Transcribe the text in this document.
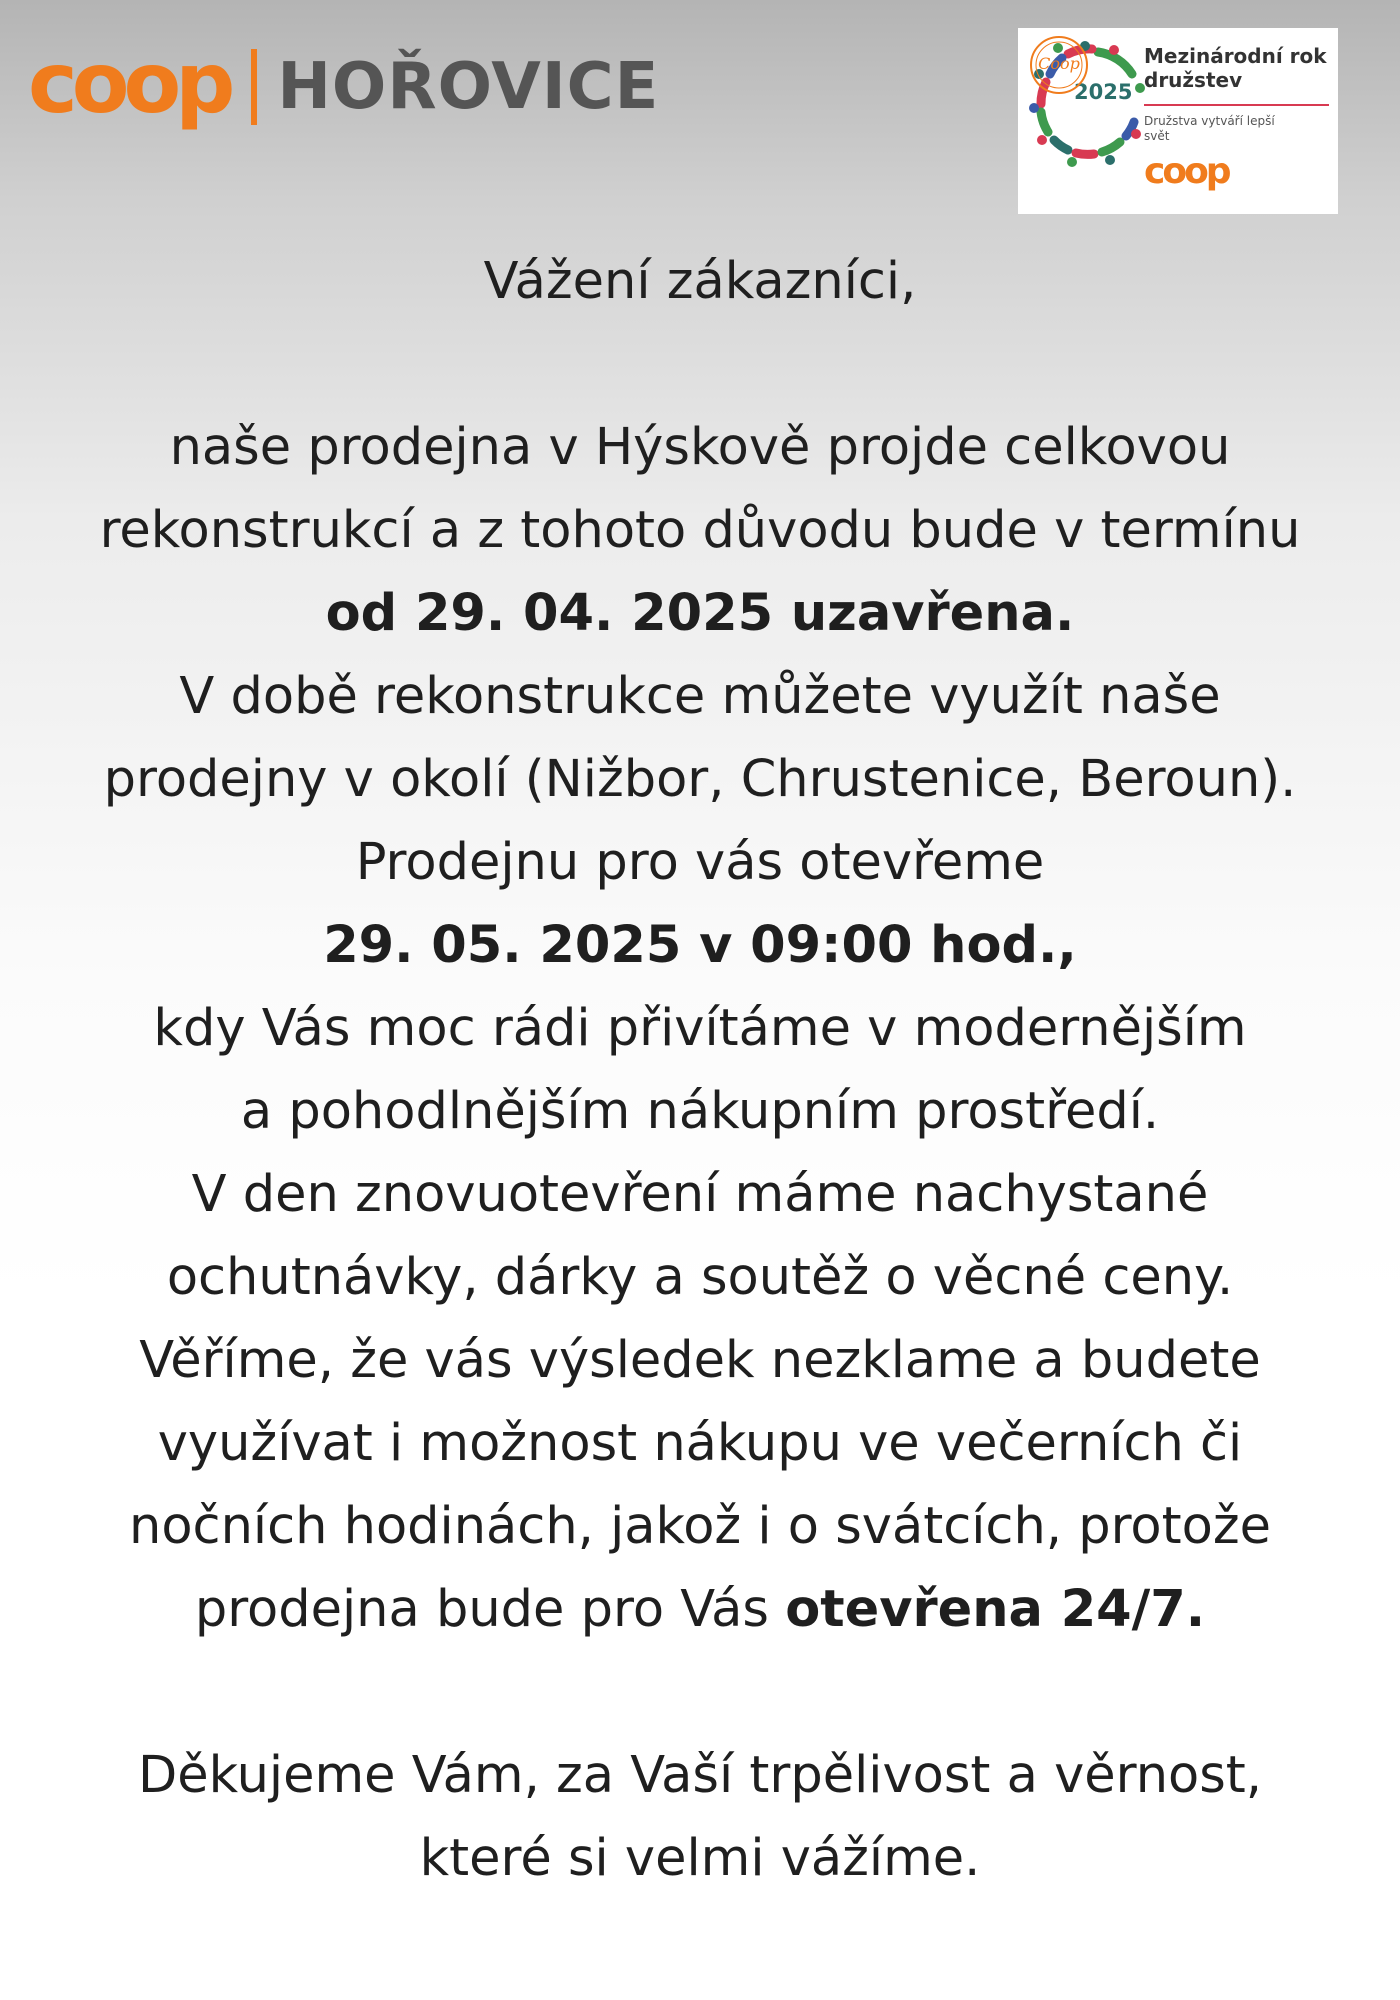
coop HOŘOVICE	2025
Mezinárodní rok družstev
Družstva vytváří lepší svět
coop
Coop

Vážení zákazníci,

naše prodejna v Hýskově projde celkovou

rekonstrukcí a z tohoto důvodu bude v termínu

od 29. 04. 2025 uzavřena.

V době rekonstrukce můžete využít naše

prodejny v okolí (Nižbor, Chrustenice, Beroun).

Prodejnu pro vás otevřeme

29. 05. 2025 v 09:00 hod.,

kdy Vás moc rádi přivítáme v modernějším

a pohodlnějším nákupním prostředí.

V den znovuotevření máme nachystané

ochutnávky, dárky a soutěž o věcné ceny.

Věříme, že vás výsledek nezklame a budete

využívat i možnost nákupu ve večerních či

nočních hodinách, jakož i o svátcích, protože

prodejna bude pro Vás otevřena 24/7.

Děkujeme Vám, za Vaší trpělivost a věrnost,

které si velmi vážíme.
